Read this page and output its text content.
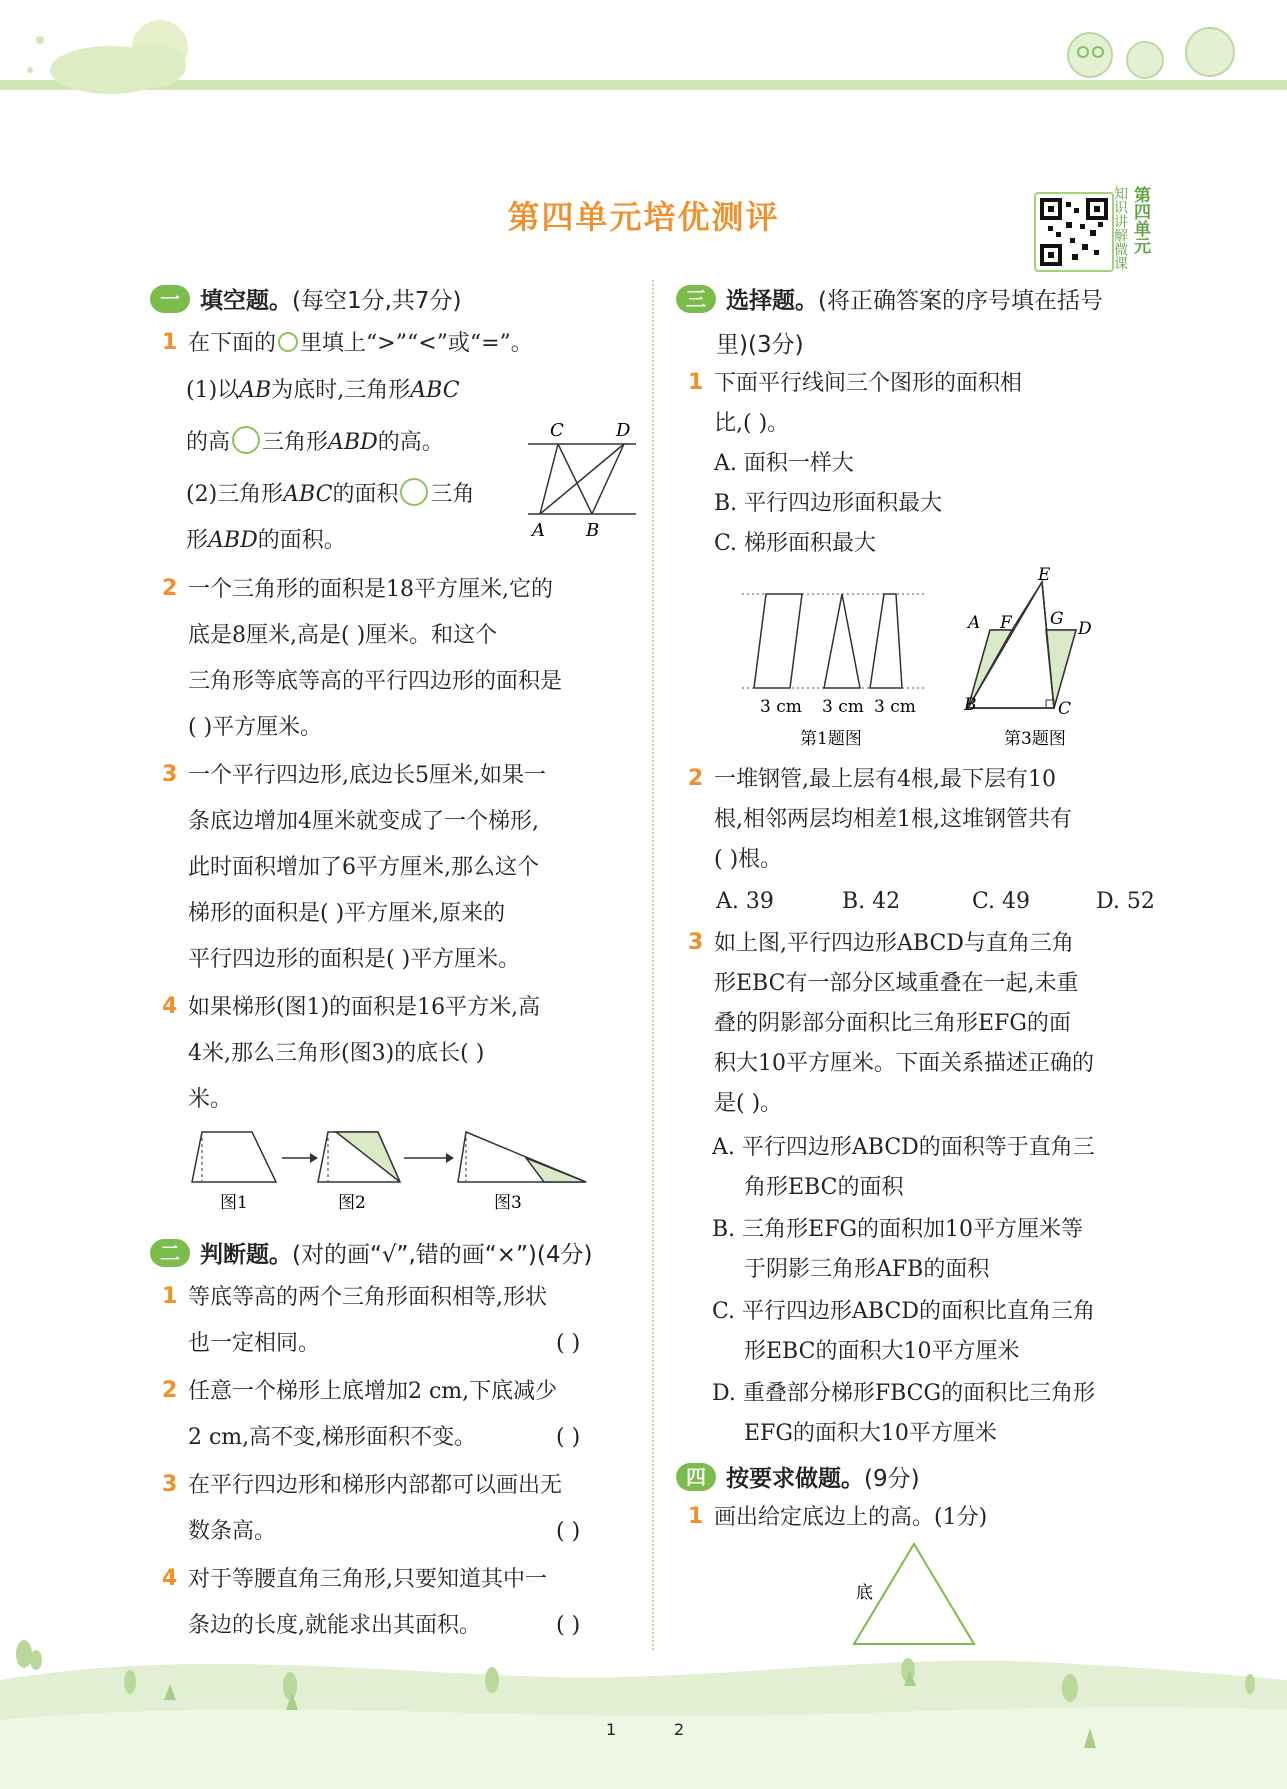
第四单元培优测评	第四单元
知识讲解微课
一 填空题。(每空1分,共7分)
1 在下面的 里填上“>”“<”或“=”。
(1)以AB为底时,三角形ABC
的高 三角形ABD的高。
(2)三角形ABC的面积 三角
形ABD的面积。
C	D
A B
2 一个三角形的面积是18平方厘米,它的
底是8厘米,高是( )厘米。和这个
三角形等底等高的平行四边形的面积是
( )平方厘米。
3 一个平行四边形,底边长5厘米,如果一
条底边增加4厘米就变成了一个梯形,
此时面积增加了6平方厘米,那么这个
梯形的面积是( )平方厘米,原来的
平行四边形的面积是( )平方厘米。
4 如果梯形(图1)的面积是16平方米,高
4米,那么三角形(图3)的底长( )
米。
图1	图2	图3
二 判断题。(对的画“√”,错的画“×”)(4分)
1 等底等高的两个三角形面积相等,形状
也一定相同。	( )
2 任意一个梯形上底增加2 cm,下底减少
2 cm,高不变,梯形面积不变。	( )
3 在平行四边形和梯形内部都可以画出无
数条高。	( )
4 对于等腰直角三角形,只要知道其中一
条边的长度,就能求出其面积。	( )
三 选择题。(将正确答案的序号填在括号
里)(3分)
1 下面平行线间三个图形的面积相
比,( )。
A. 面积一样大
B. 平行四边形面积最大
C. 梯形面积最大
3 cm 3 cm 3 cm
第1题图
F
A
E
G D
B	C
第3题图
2 一堆钢管,最上层有4根,最下层有10
根,相邻两层均相差1根,这堆钢管共有
( )根。
A. 39	B. 42	C. 49	D. 52
3 如上图,平行四边形ABCD与直角三角
形EBC有一部分区域重叠在一起,未重
叠的阴影部分面积比三角形EFG的面
积大10平方厘米。下面关系描述正确的
是( )。
A. 平行四边形ABCD的面积等于直角三
角形EBC的面积
B. 三角形EFG的面积加10平方厘米等
于阴影三角形AFB的面积
C. 平行四边形ABCD的面积比直角三角
形EBC的面积大10平方厘米
D. 重叠部分梯形FBCG的面积比三角形
EFG的面积大10平方厘米
四 按要求做题。(9分)
1 画出给定底边上的高。(1分)
底
1	2
